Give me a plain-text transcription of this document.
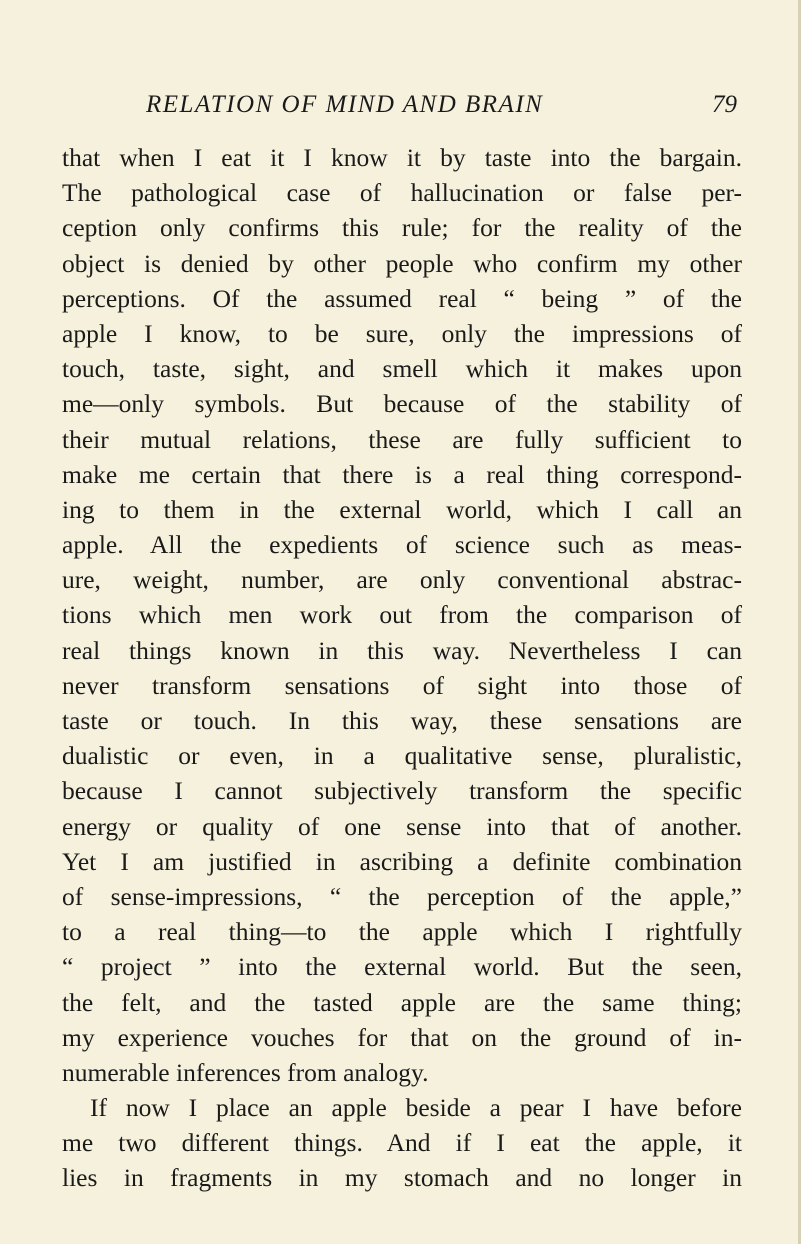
RELATION OF MIND AND BRAIN	79
that when I eat it I know it by taste into the bargain.
The pathological case of hallucination or false per-
ception only confirms this rule; for the reality of the
object is denied by other people who confirm my other
perceptions. Of the assumed real “ being ” of the
apple I know, to be sure, only the impressions of
touch, taste, sight, and smell which it makes upon
me—only symbols. But because of the stability of
their mutual relations, these are fully sufficient to
make me certain that there is a real thing correspond-
ing to them in the external world, which I call an
apple. All the expedients of science such as meas-
ure, weight, number, are only conventional abstrac-
tions which men work out from the comparison of
real things known in this way. Nevertheless I can
never transform sensations of sight into those of
taste or touch. In this way, these sensations are
dualistic or even, in a qualitative sense, pluralistic,
because I cannot subjectively transform the specific
energy or quality of one sense into that of another.
Yet I am justified in ascribing a definite combination
of sense-impressions, “ the perception of the apple,”
to a real thing—to the apple which I rightfully
“ project ” into the external world. But the seen,
the felt, and the tasted apple are the same thing;
my experience vouches for that on the ground of in-
numerable inferences from analogy.
If now I place an apple beside a pear I have before
me two different things. And if I eat the apple, it
lies in fragments in my stomach and no longer in
